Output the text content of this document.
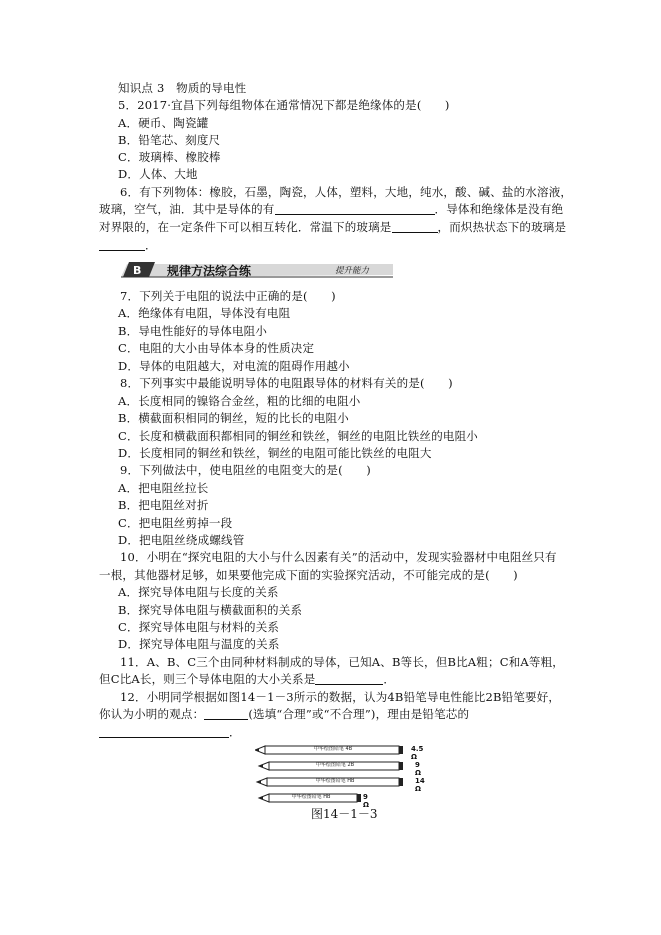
知识点 3　物质的导电性
5．2017·宜昌下列每组物体在通常情况下都是绝缘体的是(　　)
A．硬币、陶瓷罐
B．铅笔芯、刻度尺
C．玻璃棒、橡胶棒
D．人体、大地
6．有下列物体：橡胶，石墨，陶瓷，人体，塑料，大地，纯水，酸、碱、盐的水溶液，
玻璃，空气，油．其中是导体的有	．导体和绝缘体是没有绝
对界限的，在一定条件下可以相互转化．常温下的玻璃是	，而炽热状态下的玻璃是
．
B 规律方法综合练	提升能力
7．下列关于电阻的说法中正确的是(　　)
A．绝缘体有电阻，导体没有电阻
B．导电性能好的导体电阻小
C．电阻的大小由导体本身的性质决定
D．导体的电阻越大，对电流的阻碍作用越小
8．下列事实中最能说明导体的电阻跟导体的材料有关的是(　　)
A．长度相同的镍铬合金丝，粗的比细的电阻小
B．横截面积相同的铜丝，短的比长的电阻小
C．长度和横截面积都相同的铜丝和铁丝，铜丝的电阻比铁丝的电阻小
D．长度相同的铜丝和铁丝，铜丝的电阻可能比铁丝的电阻大
9．下列做法中，使电阻丝的电阻变大的是(　　)
A．把电阻丝拉长
B．把电阻丝对折
C．把电阻丝剪掉一段
D．把电阻丝绕成螺线管
10．小明在“探究电阻的大小与什么因素有关”的活动中，发现实验器材中电阻丝只有
一根，其他器材足够，如果要他完成下面的实验探究活动，不可能完成的是(　　)
A．探究导体电阻与长度的关系
B．探究导体电阻与横截面积的关系
C．探究导体电阻与材料的关系
D．探究导体电阻与温度的关系
11．A、B、C三个由同种材料制成的导体，已知A、B等长，但B比A粗；C和A等粗，
但C比A长，则三个导体电阻的大小关系是	．
12．小明同学根据如图14－1－3所示的数据，认为4B铅笔导电性能比2B铅笔要好，
你认为小明的观点：	(选填“合理”或“不合理”)，理由是铅笔芯的
．
中华绘图铅笔 4B	4.5 Ω
中华绘图铅笔 2B	9 Ω
中华绘图铅笔 HB	14 Ω
中华绘图铅笔 HB	9 Ω
图14－1－3
